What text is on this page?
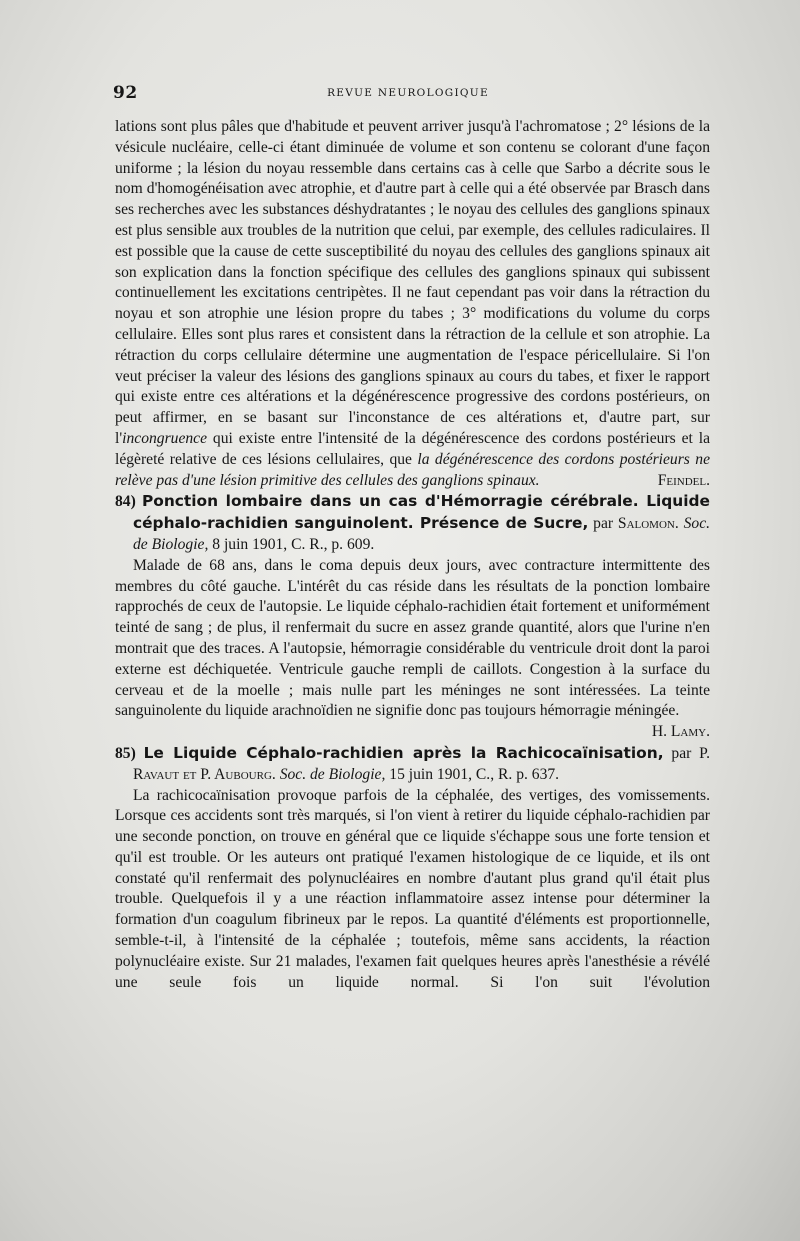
92	REVUE NEUROLOGIQUE

lations sont plus pâles que d'habitude et peuvent arriver jusqu'à l'achromatose ; 2° lésions de la vésicule nucléaire, celle-ci étant diminuée de volume et son contenu se colorant d'une façon uniforme ; la lésion du noyau ressemble dans certains cas à celle que Sarbo a décrite sous le nom d'homogénéisation avec atrophie, et d'autre part à celle qui a été observée par Brasch dans ses recherches avec les substances déshydratantes ; le noyau des cellules des ganglions spinaux est plus sensible aux troubles de la nutrition que celui, par exemple, des cellules radiculaires. Il est possible que la cause de cette susceptibilité du noyau des cellules des ganglions spinaux ait son explication dans la fonction spécifique des cellules des ganglions spinaux qui subissent continuellement les excitations centripètes. Il ne faut cependant pas voir dans la rétraction du noyau et son atrophie une lésion propre du tabes ; 3° modifications du volume du corps cellulaire. Elles sont plus rares et consistent dans la rétraction de la cellule et son atrophie. La rétraction du corps cellulaire détermine une augmentation de l'espace péricellulaire. Si l'on veut préciser la valeur des lésions des ganglions spinaux au cours du tabes, et fixer le rapport qui existe entre ces altérations et la dégénérescence progressive des cordons postérieurs, on peut affirmer, en se basant sur l'inconstance de ces altérations et, d'autre part, sur l'incongruence qui existe entre l'intensité de la dégénérescence des cordons postérieurs et la légèreté relative de ces lésions cellulaires, que la dégénérescence des cordons postérieurs ne relève pas d'une lésion primitive des cellules des ganglions spinaux.	Feindel.

84) Ponction lombaire dans un cas d'Hémorragie cérébrale. Liquide céphalo-rachidien sanguinolent. Présence de Sucre, par Salomon. Soc. de Biologie, 8 juin 1901, C. R., p. 609.

Malade de 68 ans, dans le coma depuis deux jours, avec contracture intermittente des membres du côté gauche. L'intérêt du cas réside dans les résultats de la ponction lombaire rapprochés de ceux de l'autopsie. Le liquide céphalo-rachidien était fortement et uniformément teinté de sang ; de plus, il renfermait du sucre en assez grande quantité, alors que l'urine n'en montrait que des traces. A l'autopsie, hémorragie considérable du ventricule droit dont la paroi externe est déchiquetée. Ventricule gauche rempli de caillots. Congestion à la surface du cerveau et de la moelle ; mais nulle part les méninges ne sont intéressées. La teinte sanguinolente du liquide arachnoïdien ne signifie donc pas toujours hémorragie méningée.
H. Lamy.

85) Le Liquide Céphalo-rachidien après la Rachicocaïnisation, par P. Ravaut et P. Aubourg. Soc. de Biologie, 15 juin 1901, C., R. p. 637.

La rachicocaïnisation provoque parfois de la céphalée, des vertiges, des vomissements. Lorsque ces accidents sont très marqués, si l'on vient à retirer du liquide céphalo-rachidien par une seconde ponction, on trouve en général que ce liquide s'échappe sous une forte tension et qu'il est trouble. Or les auteurs ont pratiqué l'examen histologique de ce liquide, et ils ont constaté qu'il renfermait des polynucléaires en nombre d'autant plus grand qu'il était plus trouble. Quelquefois il y a une réaction inflammatoire assez intense pour déterminer la formation d'un coagulum fibrineux par le repos. La quantité d'éléments est proportionnelle, semble-t-il, à l'intensité de la céphalée ; toutefois, même sans accidents, la réaction polynucléaire existe. Sur 21 malades, l'examen fait quelques heures après l'anesthésie a révélé une seule fois un liquide normal. Si l'on suit l'évolution
